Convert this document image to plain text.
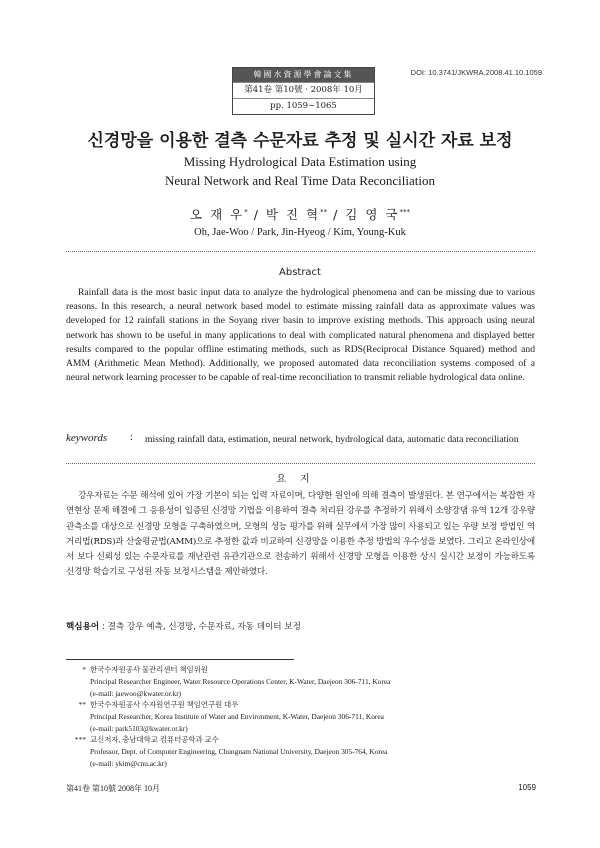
韓國水資源學會論文集
第41卷 第10號 · 2008年 10月
pp. 1059∼1065
DOI: 10.3741/JKWRA.2008.41.10.1059
신경망을 이용한 결측 수문자료 추정 및 실시간 자료 보정
Missing Hydrological Data Estimation using
Neural Network and Real Time Data Reconciliation
오 재 우* / 박 진 혁** / 김 영 국***
Oh, Jae-Woo / Park, Jin-Hyeog / Kim, Young-Kuk
Abstract
Rainfall data is the most basic input data to analyze the hydrological phenomena and can be missing due to various reasons. In this research, a neural network based model to estimate missing rainfall data as approximate values was developed for 12 rainfall stations in the Soyang river basin to improve existing methods. This approach using neural network has shown to be useful in many applications to deal with complicated natural phenomena and displayed better results compared to the popular offline estimating methods, such as RDS(Reciprocal Distance Squared) method and AMM (Arithmetic Mean Method). Additionally, we proposed automated data reconciliation systems composed of a neural network learning processer to be capable of real-time reconciliation to transmit reliable hydrological data online.
keywords : missing rainfall data, estimation, neural network, hydrological data, automatic data reconciliation
요지
강우자료는 수문 해석에 있어 가장 기본이 되는 입력 자료이며, 다양한 원인에 의해 결측이 발생된다. 본 연구에서는 복잡한 자연현상 문제 해결에 그 응용성이 입증된 신경망 기법을 이용하여 결측 처리된 강우를 추정하기 위해서 소양강댐 유역 12개 강우량 관측소를 대상으로 신경망 모형을 구축하였으며, 모형의 성능 평가를 위해 실무에서 가장 많이 사용되고 있는 우량 보정 방법인 역거리법(RDS)과 산술평균법(AMM)으로 추정한 값과 비교하여 신경망을 이용한 추정 방법의 우수성을 보였다. 그리고 온라인상에서 보다 신뢰성 있는 수문자료를 재난관련 유관기관으로 전송하기 위해서 신경망 모형을 이용한 상시 실시간 보정이 가능하도록 신경망 학습기로 구성된 자동 보정시스템을 제안하였다.
핵심용어 : 결측 강우 예측, 신경망, 수문자료, 자동 데이터 보정
* 한국수자원공사 물관리센터 책임위원
Principal Researcher Engineer, Water Resource Operations Center, K-Water, Daejeon 306-711, Korea
(e-mail: jaewoo@kwater.or.kr)
** 한국수자원공사 수자원연구원 책임연구원 대우
Principal Researcher, Korea Institute of Water and Environment, K-Water, Daejeon 306-711, Korea
(e-mail: park5103@kwater.or.kr)
*** 교신저자, 충남대학교 컴퓨터공학과 교수
Professor, Dept. of Computer Engineering, Chungnam National University, Daejeon 305-764, Korea
(e-mail: ykim@cnu.ac.kr)
第41卷 第10號 2008年 10月	1059
